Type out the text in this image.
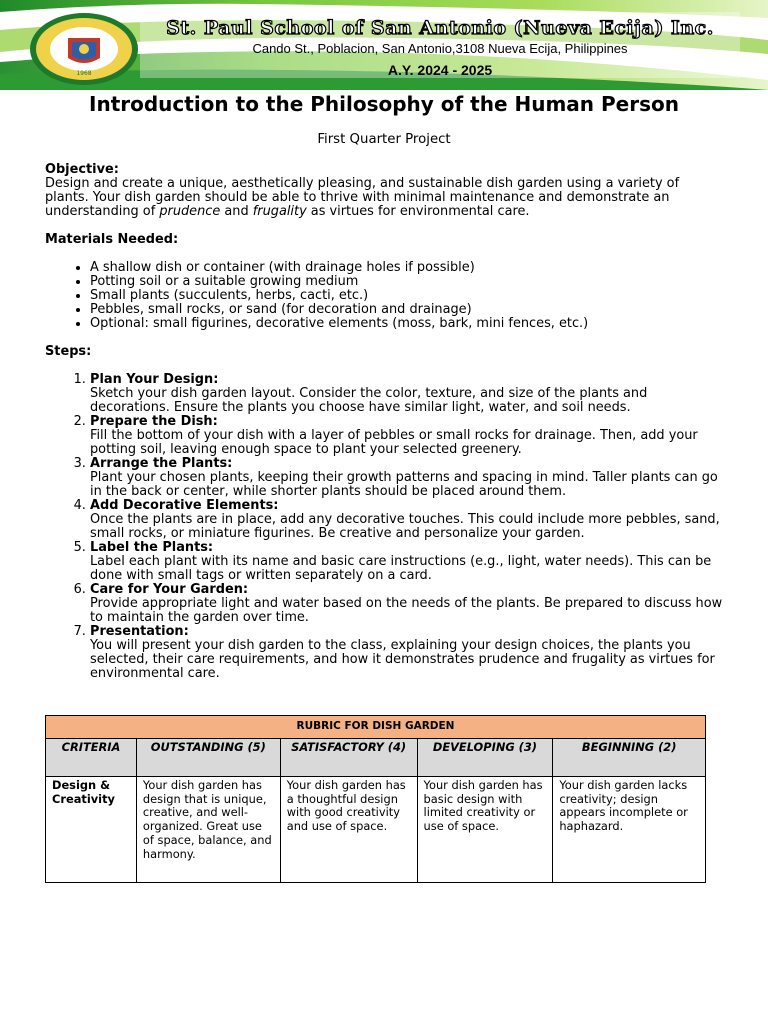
1968
St. Paul School of San Antonio (Nueva Ecija) Inc.
Cando St., Poblacion, San Antonio,3108 Nueva Ecija, Philippines
A.Y. 2024 - 2025
Introduction to the Philosophy of the Human Person
First Quarter Project
Objective:
Design and create a unique, aesthetically pleasing, and sustainable dish garden using a variety of plants. Your dish garden should be able to thrive with minimal maintenance and demonstrate an understanding of prudence and frugality as virtues for environmental care.
Materials Needed:
• A shallow dish or container (with drainage holes if possible)
• Potting soil or a suitable growing medium
• Small plants (succulents, herbs, cacti, etc.)
• Pebbles, small rocks, or sand (for decoration and drainage)
• Optional: small figurines, decorative elements (moss, bark, mini fences, etc.)
Steps:
1. Plan Your Design:
Sketch your dish garden layout. Consider the color, texture, and size of the plants and decorations. Ensure the plants you choose have similar light, water, and soil needs.
2. Prepare the Dish:
Fill the bottom of your dish with a layer of pebbles or small rocks for drainage. Then, add your potting soil, leaving enough space to plant your selected greenery.
3. Arrange the Plants:
Plant your chosen plants, keeping their growth patterns and spacing in mind. Taller plants can go in the back or center, while shorter plants should be placed around them.
4. Add Decorative Elements:
Once the plants are in place, add any decorative touches. This could include more pebbles, sand, small rocks, or miniature figurines. Be creative and personalize your garden.
5. Label the Plants:
Label each plant with its name and basic care instructions (e.g., light, water needs). This can be done with small tags or written separately on a card.
6. Care for Your Garden:
Provide appropriate light and water based on the needs of the plants. Be prepared to discuss how to maintain the garden over time.
7. Presentation:
You will present your dish garden to the class, explaining your design choices, the plants you selected, their care requirements, and how it demonstrates prudence and frugality as virtues for environmental care.
RUBRIC FOR DISH GARDEN				
CRITERIA	OUTSTANDING (5)	SATISFACTORY (4)	DEVELOPING (3)	BEGINNING (2)
Design & Creativity	Your dish garden has design that is unique, creative, and well-organized. Great use of space, balance, and harmony.	Your dish garden has a thoughtful design with good creativity and use of space.	Your dish garden has basic design with limited creativity or use of space.	Your dish garden lacks creativity; design appears incomplete or haphazard.
